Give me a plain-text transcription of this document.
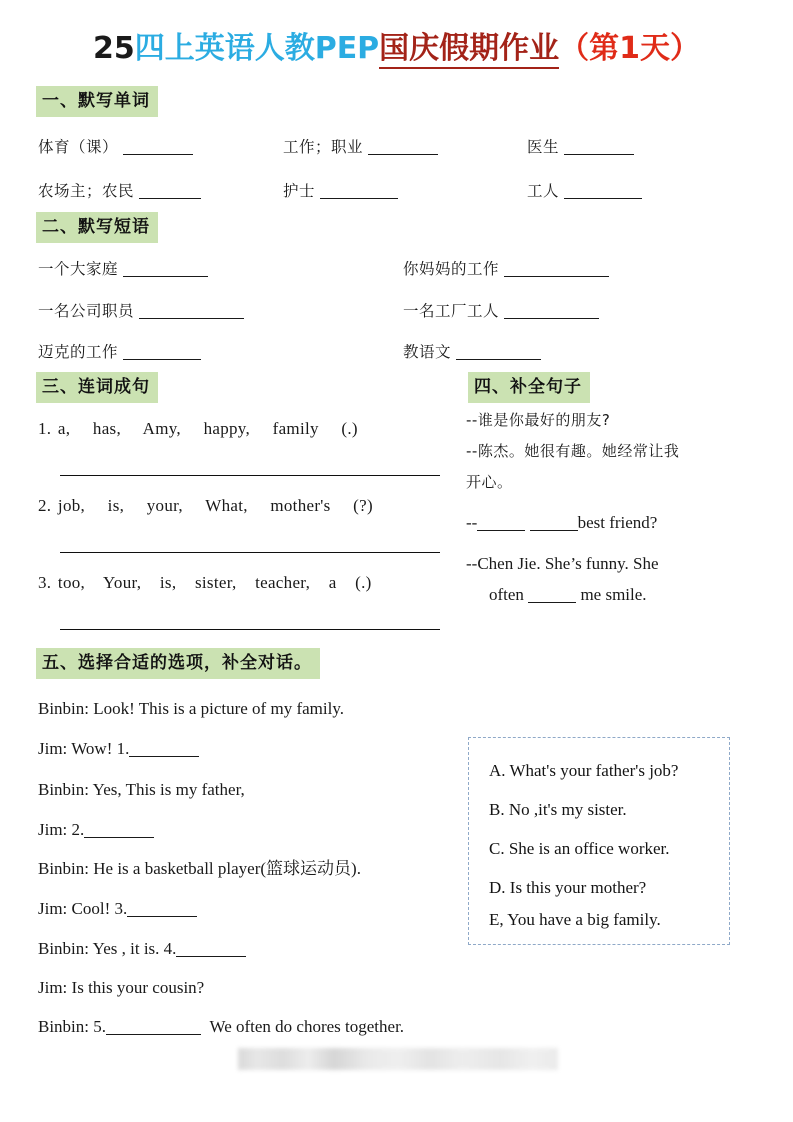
25四上英语人教PEP国庆假期作业（第1天）
一、默写单词
体育（课）	工作；职业	医生
农场主；农民	护士	工人
二、默写短语
一个大家庭	你妈妈的工作
一名公司职员	一名工厂工人
迈克的工作	教语文
三、连词成句
1. a, has, Amy, happy, family (.)
2. job, is, your, What, mother's (?)
3. too, Your, is, sister, teacher, a (.)
四、补全句子
--谁是你最好的朋友?
--陈杰。她很有趣。她经常让我
开心。
--	best friend?
--Chen Jie. She’s funny. She
often	me smile.
五、选择合适的选项，补全对话。
Binbin: Look! This is a picture of my family.
Jim: Wow! 1.
Binbin: Yes, This is my father,
Jim: 2.
Binbin: He is a basketball player(篮球运动员).
Jim: Cool! 3.
Binbin: Yes , it is. 4.
Jim: Is this your cousin?
Binbin: 5.	We often do chores together.
A. What's your father's job?
B. No ,it's my sister.
C. She is an office worker.
D. Is this your mother?
E, You have a big family.
